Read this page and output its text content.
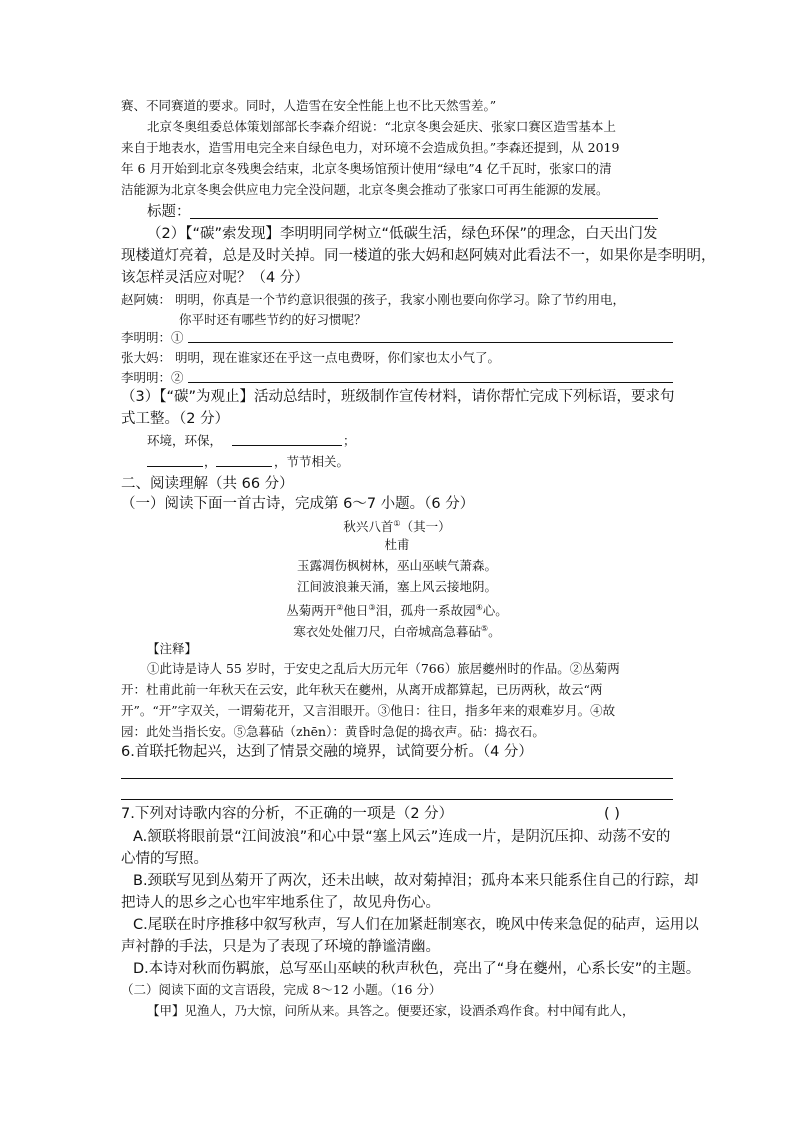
赛、不同赛道的要求。同时，人造雪在安全性能上也不比天然雪差。”
北京冬奥组委总体策划部部长李森介绍说：“北京冬奥会延庆、张家口赛区造雪基本上
来自于地表水，造雪用电完全来自绿色电力，对环境不会造成负担。”李森还提到，从 2019
年 6 月开始到北京冬残奥会结束，北京冬奥场馆预计使用“绿电”4 亿千瓦时，张家口的清
洁能源为北京冬奥会供应电力完全没问题，北京冬奥会推动了张家口可再生能源的发展。
标题：
（2）【“碳”索发现】李明明同学树立“低碳生活，绿色环保”的理念，白天出门发
现楼道灯亮着，总是及时关掉。同一楼道的张大妈和赵阿姨对此看法不一，如果你是李明明，
该怎样灵活应对呢？（4 分）
赵阿姨： 明明，你真是一个节约意识很强的孩子，我家小刚也要向你学习。除了节约用电，
你平时还有哪些节约的好习惯呢？
李明明：①
张大妈： 明明，现在谁家还在乎这一点电费呀，你们家也太小气了。
李明明：②
（3）【“碳”为观止】活动总结时，班级制作宣传材料，请你帮忙完成下列标语，要求句
式工整。（2 分）
环境，环保，	；
，	，节节相关。
二、阅读理解（共 66 分）
（一）阅读下面一首古诗，完成第 6～7 小题。（6 分）
秋兴八首①（其一）
杜甫
玉露凋伤枫树林，巫山巫峡气萧森。
江间波浪兼天涌，塞上风云接地阴。
丛菊两开②他日③泪，孤舟一系故园④心。
寒衣处处催刀尺，白帝城高急暮砧⑤。
【注释】
①此诗是诗人 55 岁时，于安史之乱后大历元年（766）旅居夔州时的作品。②丛菊两
开：杜甫此前一年秋天在云安，此年秋天在夔州，从离开成都算起，已历两秋，故云“两
开”。“开”字双关，一谓菊花开，又言泪眼开。③他日：往日，指多年来的艰难岁月。④故
园：此处当指长安。⑤急暮砧（zhēn）：黄昏时急促的捣衣声。砧：捣衣石。
6.首联托物起兴，达到了情景交融的境界，试简要分析。（4 分）
7.下列对诗歌内容的分析，不正确的一项是（2 分）	( )
A.颔联将眼前景“江间波浪”和心中景“塞上风云”连成一片，是阴沉压抑、动荡不安的
心情的写照。
B.颈联写见到丛菊开了两次，还未出峡，故对菊掉泪；孤舟本来只能系住自己的行踪，却
把诗人的思乡之心也牢牢地系住了，故见舟伤心。
C.尾联在时序推移中叙写秋声，写人们在加紧赶制寒衣，晚风中传来急促的砧声，运用以
声衬静的手法，只是为了表现了环境的静谧清幽。
D.本诗对秋而伤羁旅，总写巫山巫峡的秋声秋色，亮出了“身在夔州，心系长安”的主题。
（二）阅读下面的文言语段，完成 8～12 小题。（16 分）
【甲】见渔人，乃大惊，问所从来。具答之。便要还家，设酒杀鸡作食。村中闻有此人，
